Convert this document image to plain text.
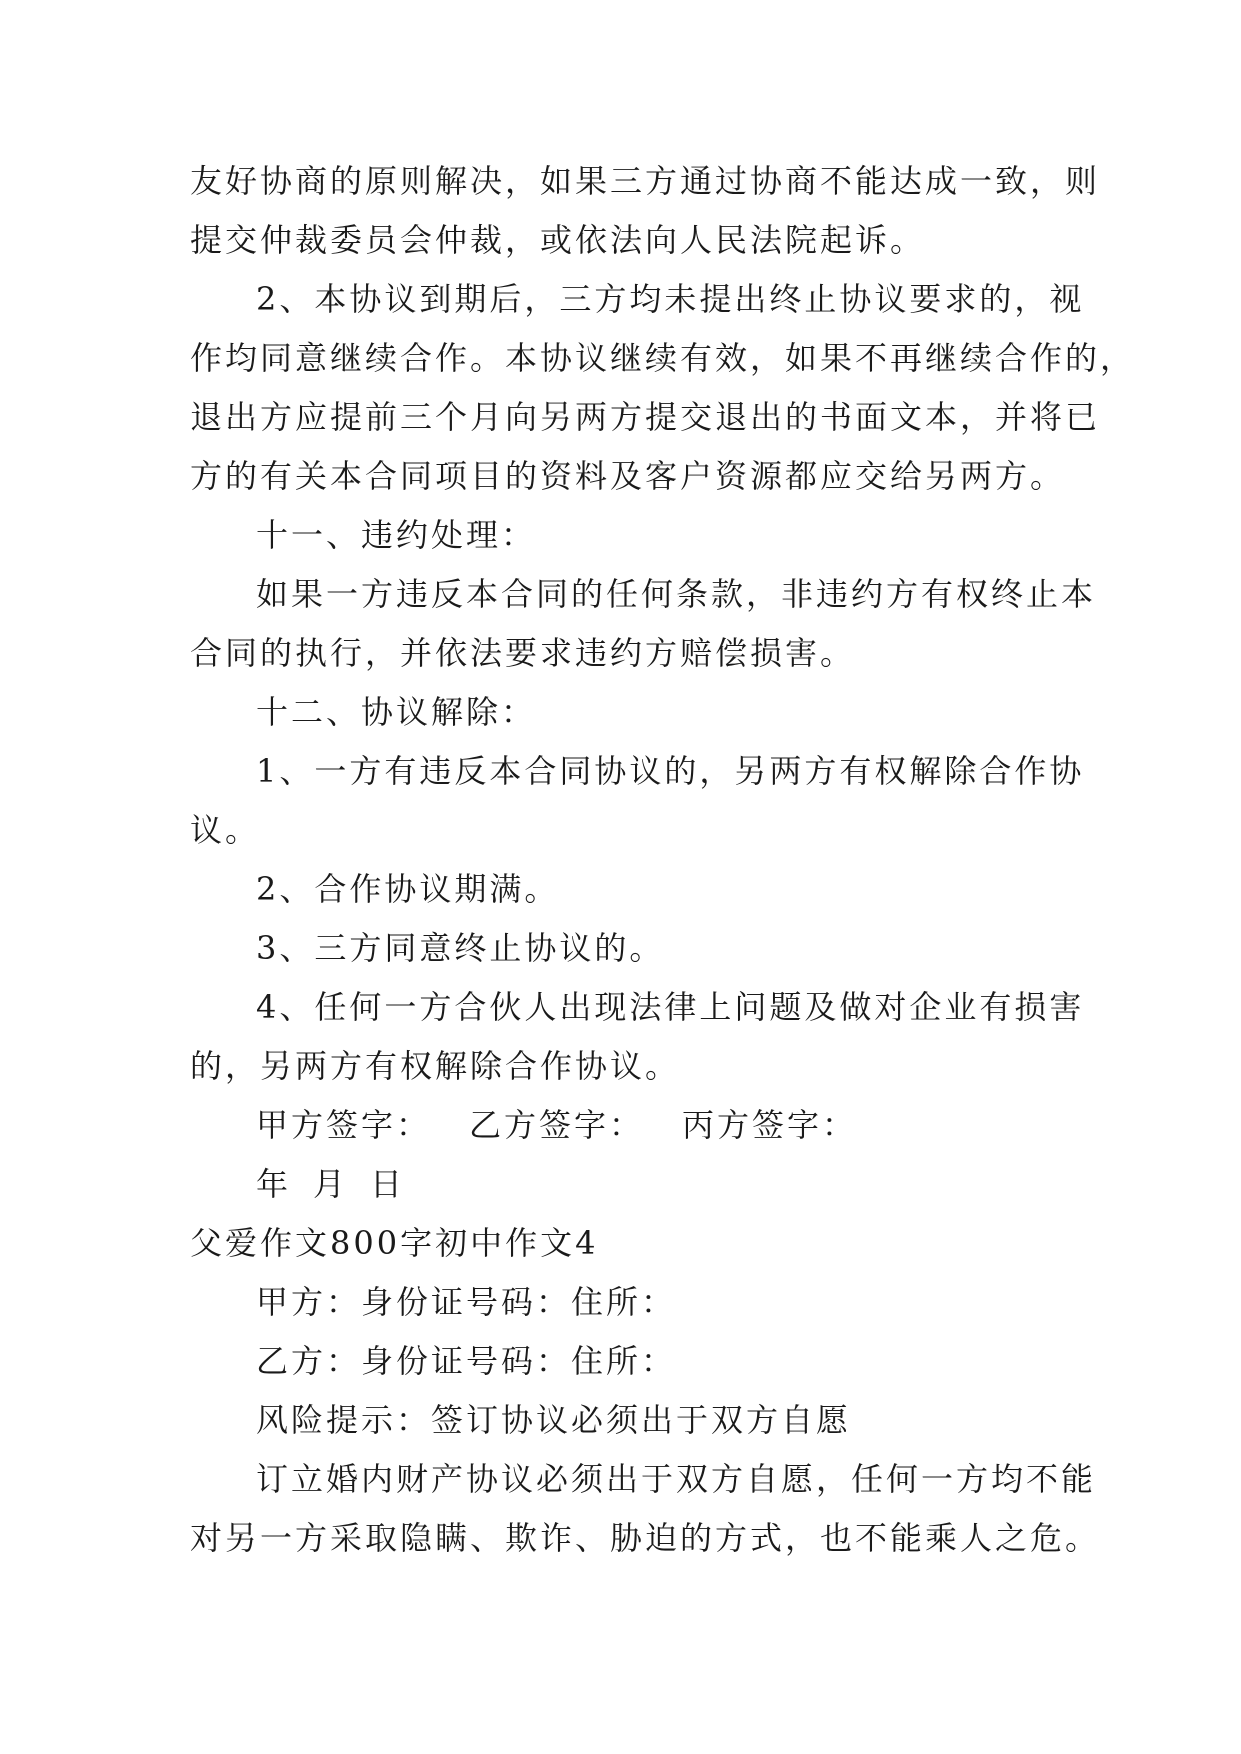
友好协商的原则解决，如果三方通过协商不能达成一致，则
提交仲裁委员会仲裁，或依法向人民法院起诉。
2、本协议到期后，三方均未提出终止协议要求的，视
作均同意继续合作。本协议继续有效，如果不再继续合作的，
退出方应提前三个月向另两方提交退出的书面文本，并将已
方的有关本合同项目的资料及客户资源都应交给另两方。
十一、违约处理：
如果一方违反本合同的任何条款，非违约方有权终止本
合同的执行，并依法要求违约方赔偿损害。
十二、协议解除：
1、一方有违反本合同协议的，另两方有权解除合作协
议。
2、合作协议期满。
3、三方同意终止协议的。
4、任何一方合伙人出现法律上问题及做对企业有损害
的，另两方有权解除合作协议。
甲方签字： 乙方签字： 丙方签字：
年 月 日
父爱作文800字初中作文4
甲方：身份证号码：住所：
乙方：身份证号码：住所：
风险提示：签订协议必须出于双方自愿
订立婚内财产协议必须出于双方自愿，任何一方均不能
对另一方采取隐瞒、欺诈、胁迫的方式，也不能乘人之危。
